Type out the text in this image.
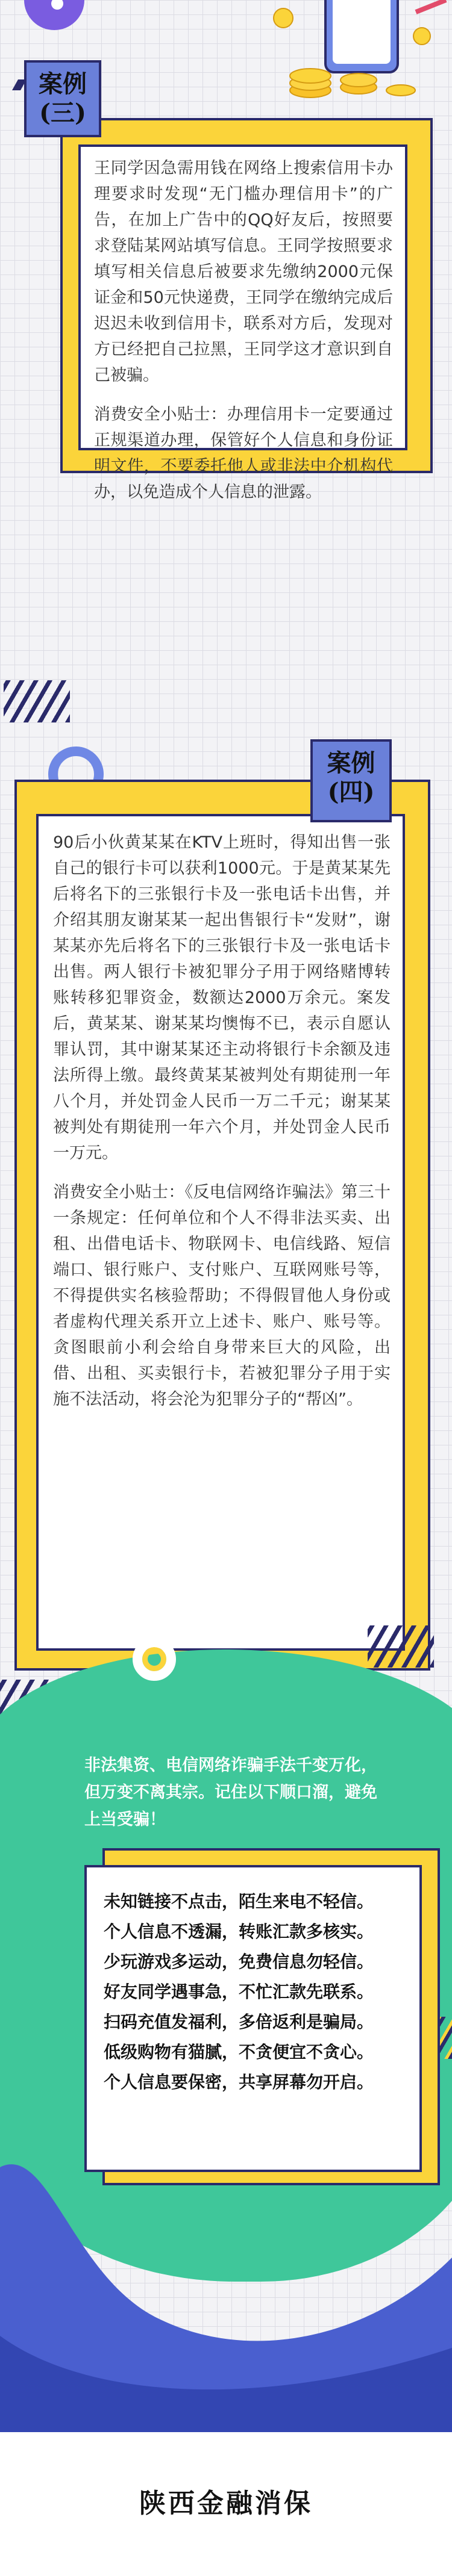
王同学因急需用钱在网络上搜索信用卡办理要求时发现“无门槛办理信用卡”的广告，在加上广告中的QQ好友后，按照要求登陆某网站填写信息。王同学按照要求填写相关信息后被要求先缴纳2000元保证金和50元快递费，王同学在缴纳完成后迟迟未收到信用卡，联系对方后，发现对方已经把自己拉黑，王同学这才意识到自己被骗。

消费安全小贴士：办理信用卡一定要通过正规渠道办理，保管好个人信息和身份证明文件，不要委托他人或非法中介机构代办，以免造成个人信息的泄露。

案例
(三)

90后小伙黄某某在KTV上班时，得知出售一张自己的银行卡可以获利1000元。于是黄某某先后将名下的三张银行卡及一张电话卡出售，并介绍其朋友谢某某一起出售银行卡“发财”，谢某某亦先后将名下的三张银行卡及一张电话卡出售。两人银行卡被犯罪分子用于网络赌博转账转移犯罪资金，数额达2000万余元。案发后，黄某某、谢某某均懊悔不已，表示自愿认罪认罚，其中谢某某还主动将银行卡余额及违法所得上缴。最终黄某某被判处有期徒刑一年八个月，并处罚金人民币一万二千元；谢某某被判处有期徒刑一年六个月，并处罚金人民币一万元。

消费安全小贴士：《反电信网络诈骗法》第三十一条规定：任何单位和个人不得非法买卖、出租、出借电话卡、物联网卡、电信线路、短信端口、银行账户、支付账户、互联网账号等，不得提供实名核验帮助；不得假冒他人身份或者虚构代理关系开立上述卡、账户、账号等。贪图眼前小利会给自身带来巨大的风险，出借、出租、买卖银行卡，若被犯罪分子用于实施不法活动，将会沦为犯罪分子的“帮凶”。

案例
(四)
非法集资、电信网络诈骗手法千变万化，但万变不离其宗。记住以下顺口溜，避免上当受骗！
未知链接不点击，陌生来电不轻信。
个人信息不透漏，转账汇款多核实。
少玩游戏多运动，免费信息勿轻信。
好友同学遇事急，不忙汇款先联系。
扫码充值发福利，多倍返利是骗局。
低级购物有猫腻，不贪便宜不贪心。
个人信息要保密，共享屏幕勿开启。
陕西金融消保
